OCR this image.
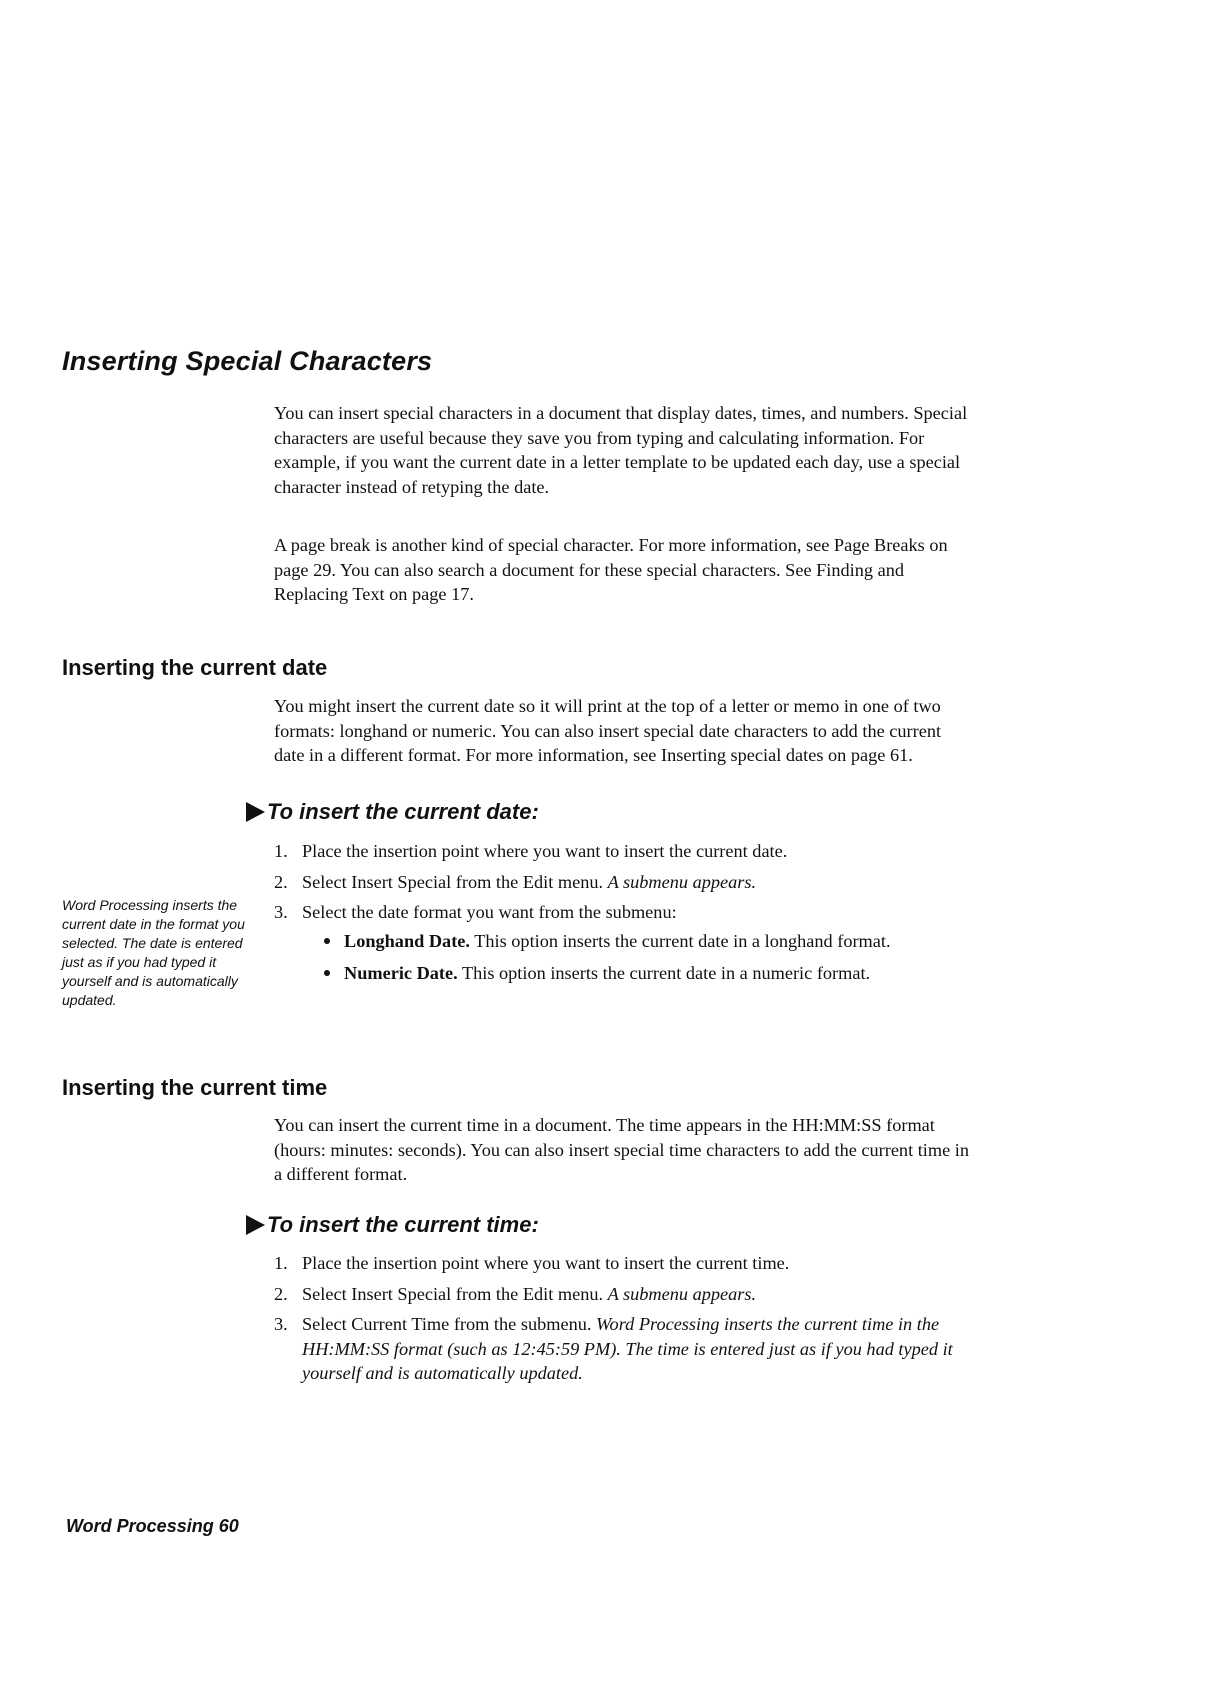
Inserting Special Characters

You can insert special characters in a document that display dates, times, and numbers. Special characters are useful because they save you from typing and calculating information. For example, if you want the current date in a letter template to be updated each day, use a special character instead of retyping the date.

A page break is another kind of special character. For more information, see Page Breaks on page 29. You can also search a document for these special characters. See Finding and Replacing Text on page 17.

Inserting the current date

You might insert the current date so it will print at the top of a letter or memo in one of two formats: longhand or numeric. You can also insert special date characters to add the current date in a different format. For more information, see Inserting special dates on page 61.

To insert the current date:
1. Place the insertion point where you want to insert the current date.
2. Select Insert Special from the Edit menu. A submenu appears.
3. Select the date format you want from the submenu:
Longhand Date. This option inserts the current date in a longhand format.
Numeric Date. This option inserts the current date in a numeric format.

Word Processing inserts the current date in the format you selected. The date is entered just as if you had typed it yourself and is automatically updated.

Inserting the current time

You can insert the current time in a document. The time appears in the HH:MM:SS format (hours: minutes: seconds). You can also insert special time characters to add the current time in a different format.

To insert the current time:
1. Place the insertion point where you want to insert the current time.
2. Select Insert Special from the Edit menu. A submenu appears.
3. Select Current Time from the submenu. Word Processing inserts the current time in the HH:MM:SS format (such as 12:45:59 PM). The time is entered just as if you had typed it yourself and is automatically updated.

Word Processing 60
